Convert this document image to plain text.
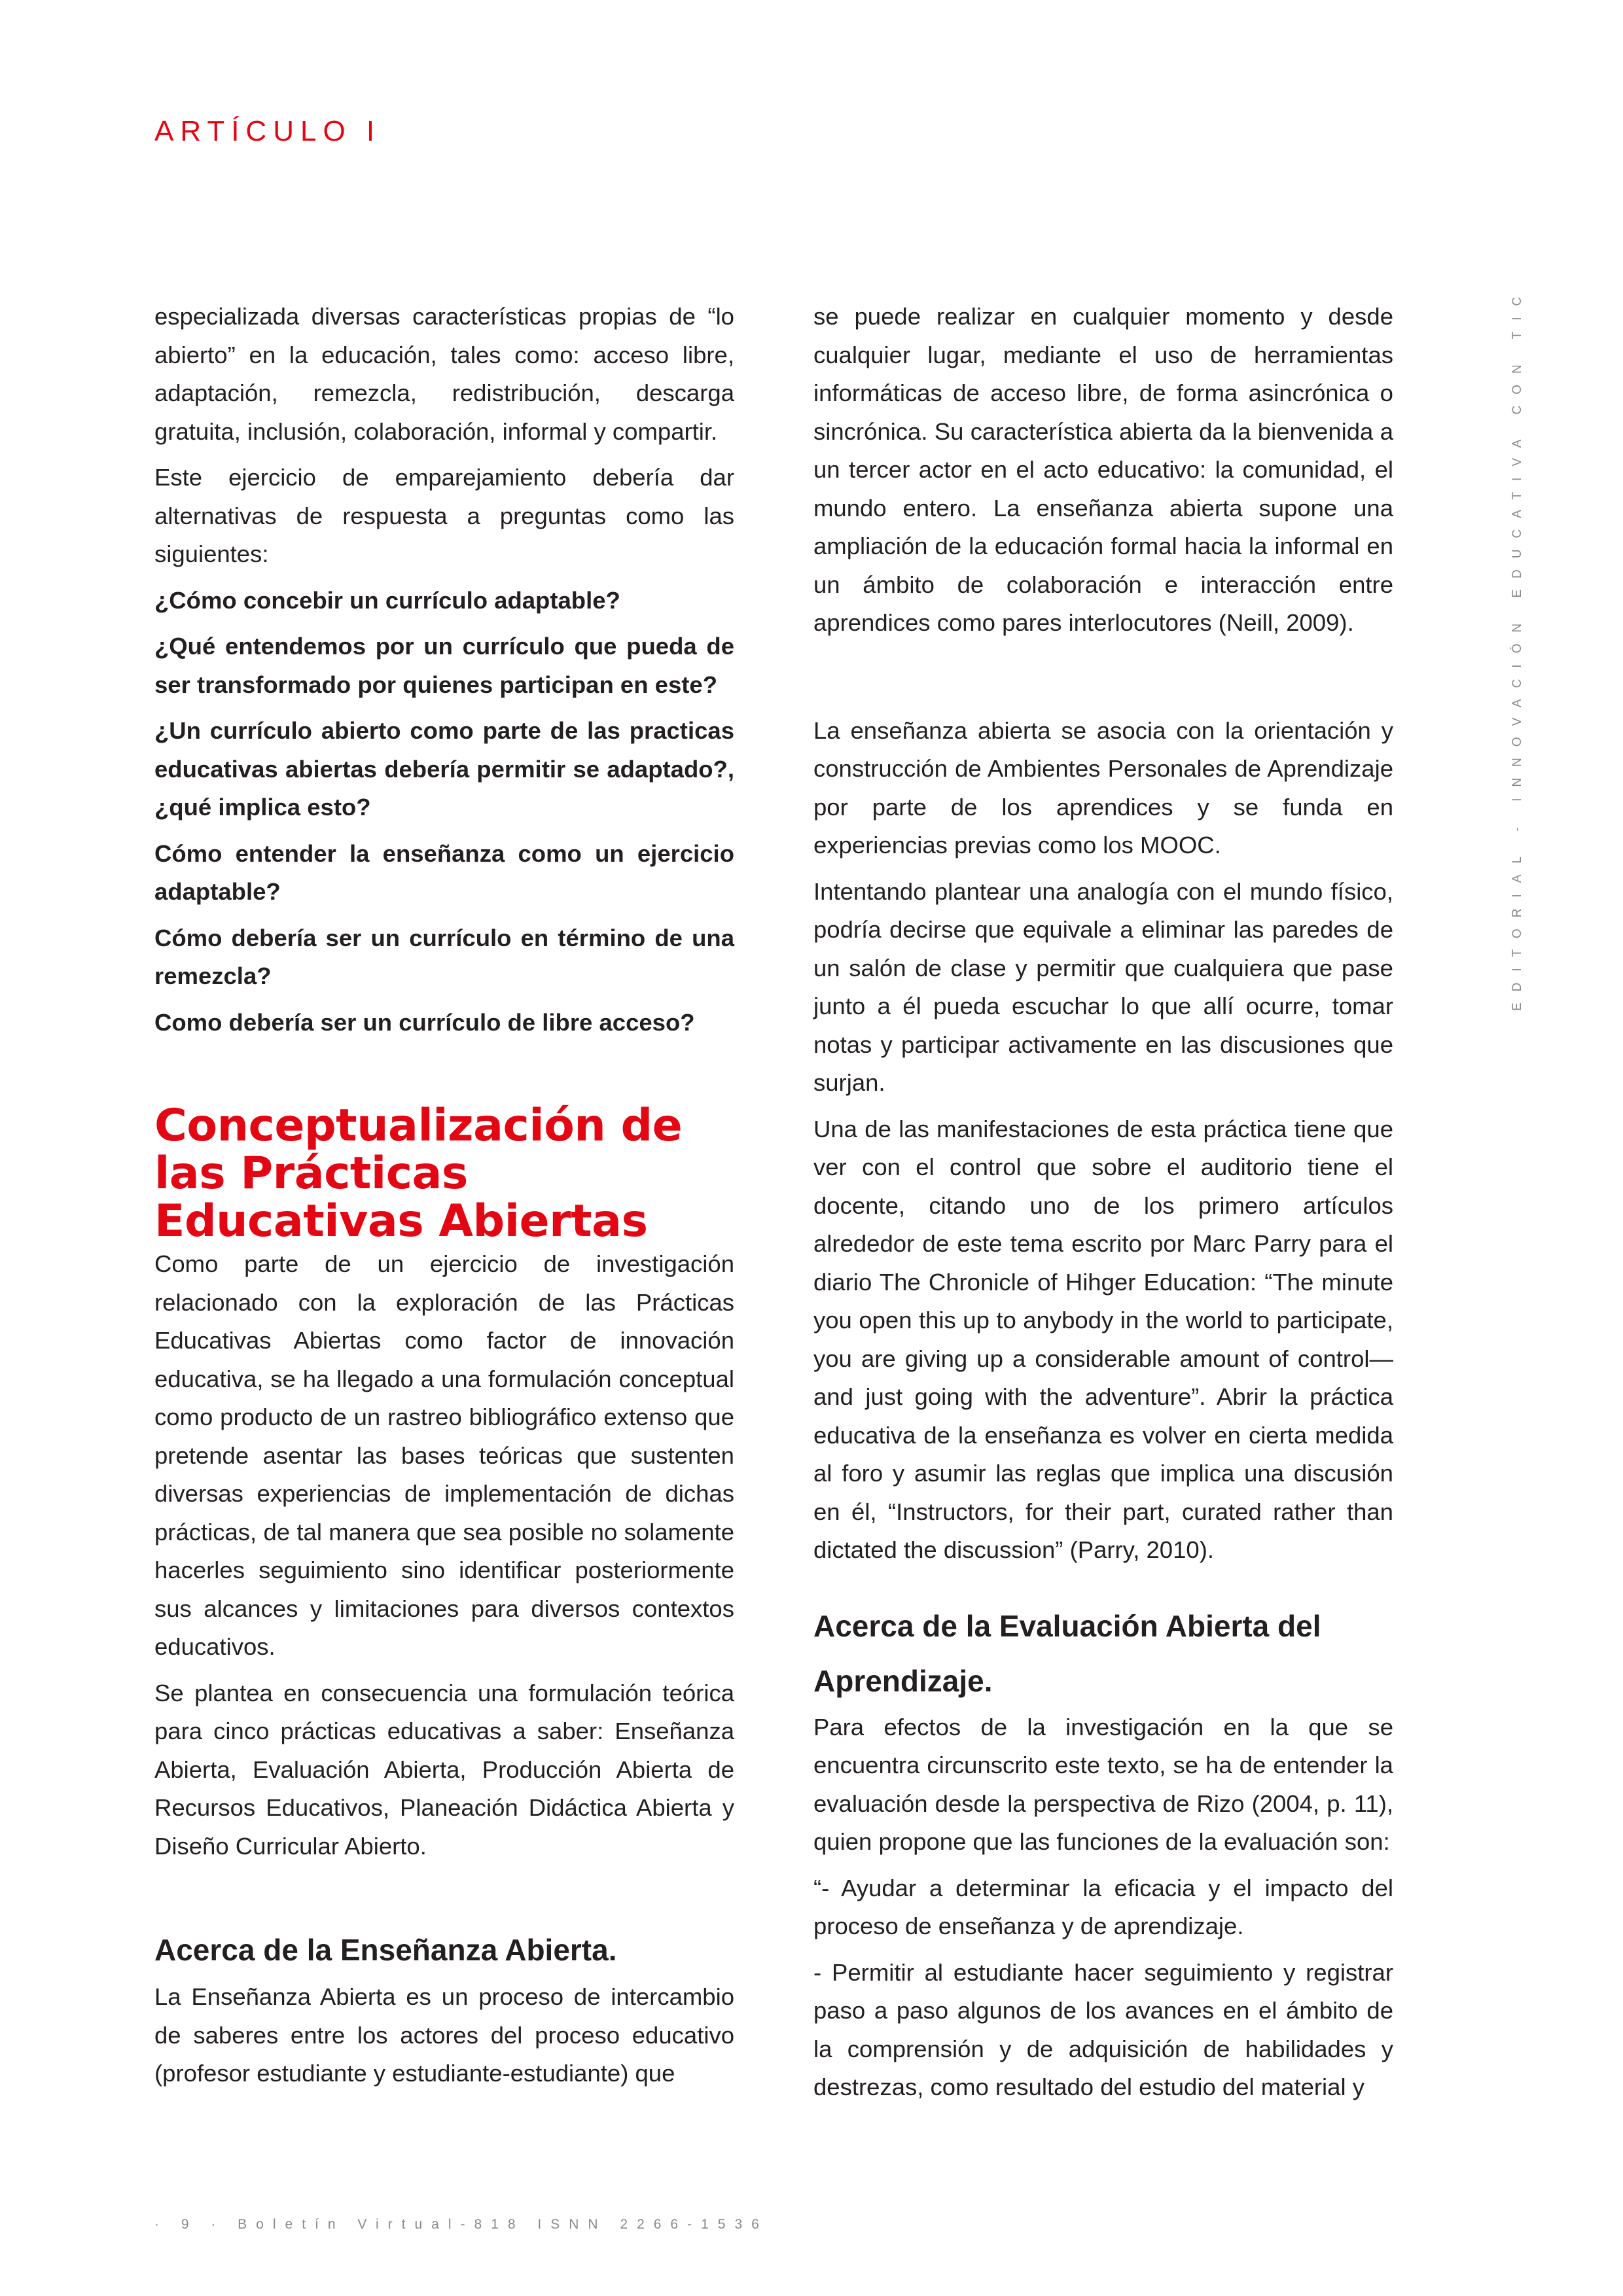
ARTÍCULO I

especializada diversas características propias de “lo abierto” en la educación, tales como: acceso libre, adaptación, remezcla, redistribución, descarga gratuita, inclusión, colaboración, informal y compartir.

Este ejercicio de emparejamiento debería dar alternativas de respuesta a preguntas como las siguientes:

¿Cómo concebir un currículo adaptable?

¿Qué entendemos por un currículo que pueda de ser transformado por quienes participan en este?

¿Un currículo abierto como parte de las practicas educativas abiertas debería permitir se adaptado?, ¿qué implica esto?

Cómo entender la enseñanza como un ejercicio adaptable?

Cómo debería ser un currículo en término de una remezcla?

Como debería ser un currículo de libre acceso?

Conceptualización de las Prácticas Educativas Abiertas

Como parte de un ejercicio de investigación relacionado con la exploración de las Prácticas Educativas Abiertas como factor de innovación educativa, se ha llegado a una formulación conceptual como producto de un rastreo bibliográfico extenso que pretende asentar las bases teóricas que sustenten diversas experiencias de implementación de dichas prácticas, de tal manera que sea posible no solamente hacerles seguimiento sino identificar posteriormente sus alcances y limitaciones para diversos contextos educativos.

Se plantea en consecuencia una formulación teórica para cinco prácticas educativas a saber: Enseñanza Abierta, Evaluación Abierta, Producción Abierta de Recursos Educativos, Planeación Didáctica Abierta y Diseño Curricular Abierto.

Acerca de la Enseñanza Abierta.

La Enseñanza Abierta es un proceso de intercambio de saberes entre los actores del proceso educativo (profesor estudiante y estudiante-estudiante) que

se puede realizar en cualquier momento y desde cualquier lugar, mediante el uso de herramientas informáticas de acceso libre, de forma asincrónica o sincrónica. Su característica abierta da la bienvenida a un tercer actor en el acto educativo: la comunidad, el mundo entero. La enseñanza abierta supone una ampliación de la educación formal hacia la informal en un ámbito de colaboración e interacción entre aprendices como pares interlocutores (Neill, 2009).

La enseñanza abierta se asocia con la orientación y construcción de Ambientes Personales de Aprendizaje por parte de los aprendices y se funda en experiencias previas como los MOOC.

Intentando plantear una analogía con el mundo físico, podría decirse que equivale a eliminar las paredes de un salón de clase y permitir que cualquiera que pase junto a él pueda escuchar lo que allí ocurre, tomar notas y participar activamente en las discusiones que surjan.

Una de las manifestaciones de esta práctica tiene que ver con el control que sobre el auditorio tiene el docente, citando uno de los primero artículos alrededor de este tema escrito por Marc Parry para el diario The Chronicle of Hihger Education: “The minute you open this up to anybody in the world to participate, you are giving up a considerable amount of control—and just going with the adventure”. Abrir la práctica educativa de la enseñanza es volver en cierta medida al foro y asumir las reglas que implica una discusión en él, “Instructors, for their part, curated rather than dictated the discussion” (Parry, 2010).

Acerca de la Evaluación Abierta del Aprendizaje.

Para efectos de la investigación en la que se encuentra circunscrito este texto, se ha de entender la evaluación desde la perspectiva de Rizo (2004, p. 11), quien propone que las funciones de la evaluación son:

“- Ayudar a determinar la eficacia y el impacto del proceso de enseñanza y de aprendizaje.

- Permitir al estudiante hacer seguimiento y registrar paso a paso algunos de los avances en el ámbito de la comprensión y de adquisición de habilidades y destrezas, como resultado del estudio del material y

EDITORIAL - INNOVACIÓN EDUCATIVA CON TIC
· 9 · Boletín Virtual-818 ISNN 2266-1536
